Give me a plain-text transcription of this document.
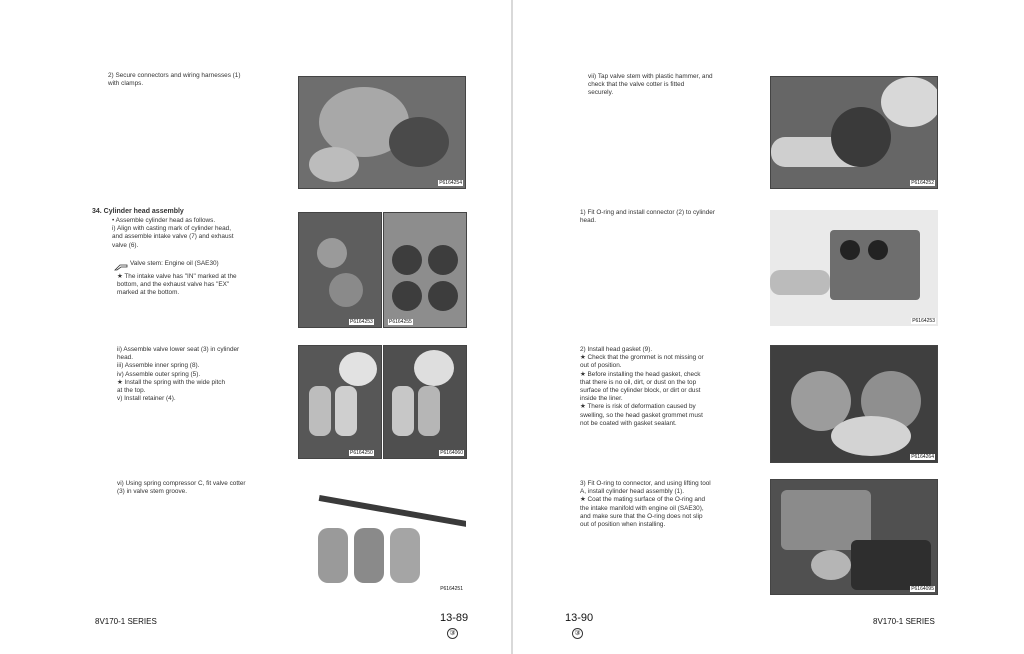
2) Secure connectors and wiring harnesses (1)
with clamps.
P6164254
34. Cylinder head assembly
• Assemble cylinder head as follows.
i) Align with casting mark of cylinder head,
and assemble intake valve (7) and exhaust
valve (6).
Valve stem: Engine oil (SAE30)
★ The intake valve has "IN" marked at the
bottom, and the exhaust valve has "EX"
marked at the bottom.
P6164253	P6164255
ii) Assemble valve lower seat (3) in cylinder
head.
iii) Assemble inner spring (8).
iv) Assemble outer spring (5).
★ Install the spring with the wide pitch
at the top.
v) Install retainer (4).
P6164250	P6164060
vi) Using spring compressor C, fit valve cotter
(3) in valve stem groove.
P6164251
8V170-1 SERIES	13-89
③
vii) Tap valve stem with plastic hammer, and
check that the valve cotter is fitted
securely.
P6164252
1) Fit O-ring and install connector (2) to cylinder
head.
P6164253
2) Install head gasket (9).
★ Check that the grommet is not missing or
out of position.
★ Before installing the head gasket, check
that there is no oil, dirt, or dust on the top
surface of the cylinder block, or dirt or dust
inside the liner.
★ There is risk of deformation caused by
swelling, so the head gasket grommet must
not be coated with gasket sealant.
P6164264
3) Fit O-ring to connector, and using lifting tool
A, install cylinder head assembly (1).
★ Coat the mating surface of the O-ring and
the intake manifold with engine oil (SAE30),
and make sure that the O-ring does not slip
out of position when installing.
P6164095
13-90
③
8V170-1 SERIES
